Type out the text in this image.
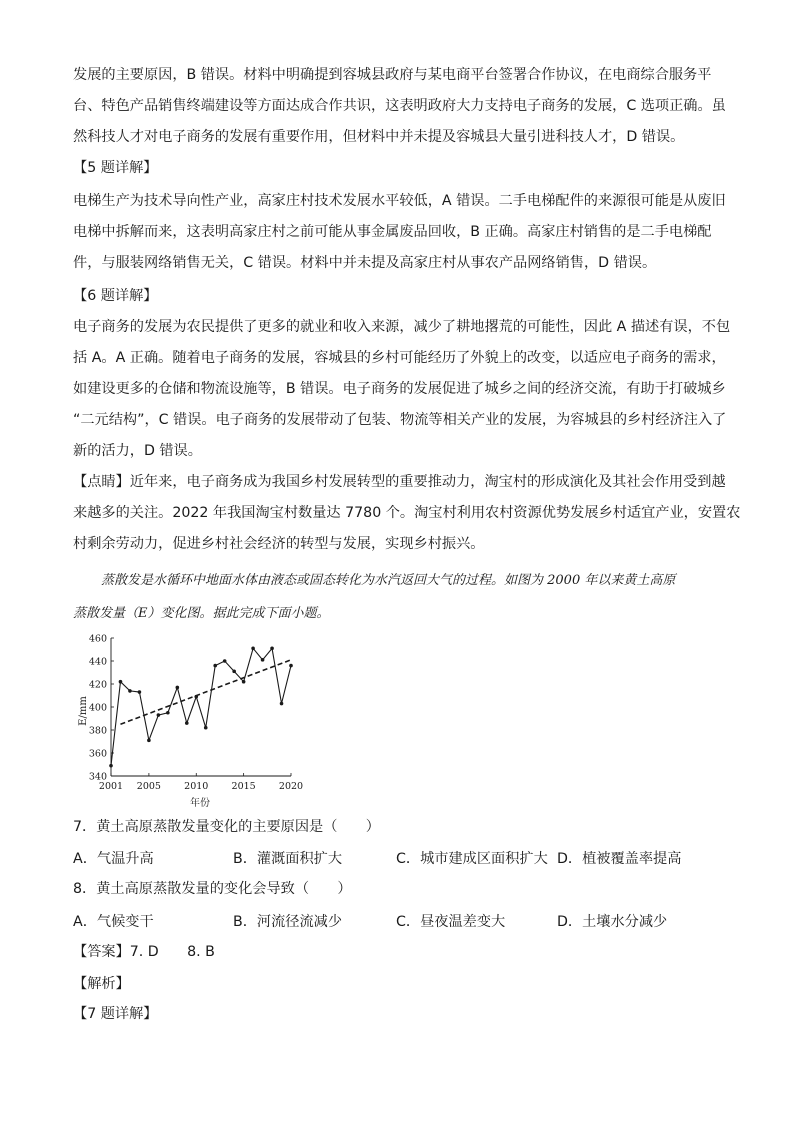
发展的主要原因，B 错误。材料中明确提到容城县政府与某电商平台签署合作协议，在电商综合服务平
台、特色产品销售终端建设等方面达成合作共识，这表明政府大力支持电子商务的发展，C 选项正确。虽
然科技人才对电子商务的发展有重要作用，但材料中并未提及容城县大量引进科技人才，D 错误。
【5 题详解】
电梯生产为技术导向性产业，高家庄村技术发展水平较低，A 错误。二手电梯配件的来源很可能是从废旧
电梯中拆解而来，这表明高家庄村之前可能从事金属废品回收，B 正确。高家庄村销售的是二手电梯配
件，与服装网络销售无关，C 错误。材料中并未提及高家庄村从事农产品网络销售，D 错误。
【6 题详解】
电子商务的发展为农民提供了更多的就业和收入来源，减少了耕地撂荒的可能性，因此 A 描述有误，不包
括 A。A 正确。随着电子商务的发展，容城县的乡村可能经历了外貌上的改变，以适应电子商务的需求，
如建设更多的仓储和物流设施等，B 错误。电子商务的发展促进了城乡之间的经济交流，有助于打破城乡
“二元结构”，C 错误。电子商务的发展带动了包装、物流等相关产业的发展，为容城县的乡村经济注入了
新的活力，D 错误。
【点睛】近年来，电子商务成为我国乡村发展转型的重要推动力，淘宝村的形成演化及其社会作用受到越
来越多的关注。2022 年我国淘宝村数量达 7780 个。淘宝村利用农村资源优势发展乡村适宜产业，安置农
村剩余劳动力，促进乡村社会经济的转型与发展，实现乡村振兴。
蒸散发是水循环中地面水体由液态或固态转化为水汽返回大气的过程。如图为 2000 年以来黄土高原
蒸散发量（E）变化图。据此完成下面小题。
340
360
380
400
420
440
460
2001 2005 2010 2015 2020
E/mm
年份
7．黄土高原蒸散发量变化的主要原因是（　　）
A．气温升高	B．灌溉面积扩大	C．城市建成区面积扩大 D．植被覆盖率提高
8．黄土高原蒸散发量的变化会导致（　　）
A．气候变干	B．河流径流减少	C．昼夜温差变大	D．土壤水分减少
【答案】7. D　　8. B
【解析】
【7 题详解】
